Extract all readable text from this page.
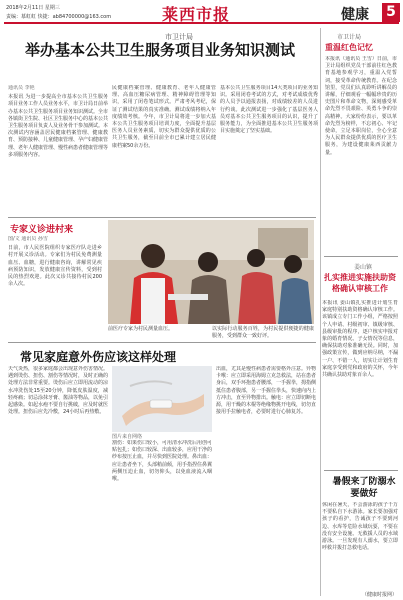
2018年2月11日 星期三
责编：慕虹虹 快捷：ab84700000@163.com	莱西市报	健康 5
市卫计局
举办基本公共卫生服务项目业务知识测试
通讯员 李艳
本报讯 为进一步提高全市基本公共卫生服务项目业务工作人员业务水平，市卫计局日前举办基本公共卫生服务项目业务知识测试。全市各镇街卫生院、社区卫生服务中心的基本公共卫生服务项目负责人及业务骨干参加测试。本次测试内容涵盖居民健康档案管理、健康教育、预防接种、儿童健康管理、孕产妇健康管理、老年人健康管理、慢性病患者健康管理等多项服务内容。
民健康档案管理、健康教育、老年人健康管理、高血压糖尿病管理、精神障碍管理等知识，采用了闭卷笔试形式。严肃考风考纪，保证了测试结果的真实准确。测试成绩将纳入年度绩效考核。今年，市卫计局将进一步加大基本公共卫生服务项目培训力度，全面提升基层医务人员业务素质，切实为群众提供优质的公共卫生服务，截至目前全市已累计建立居民健康档案50余万份。
基本公共卫生服务项目14大类项目的业务知识。采用闭卷考试的方式，对考试成绩优秀的人员予以通报表扬，对成绩较差的人员进行约谈。此次测试进一步强化了基层医务人员对基本公共卫生服务项目的认识，提升了服务能力，为全面推进基本公共卫生服务项目实施奠定了坚实基础。
市卫计局
重温红色记忆
本报讯（通讯员 王雪）日前，市卫计局组织党员干部前往红色教育基地参观学习，重温入党誓词，接受革命传统教育。在纪念馆里，党员们认真聆听讲解员的讲解，仔细观看一幅幅珍贵的历史图片和革命文物，深刻感受革命先烈不畏艰险、英勇斗争的崇高精神。大家纷纷表示，要以革命先烈为榜样，不忘初心、牢记使命，立足本职岗位，全心全意为人民群众提供优质的医疗卫生服务，为建设健康莱西贡献力量。
姜山镇
扎实推进实施扶助资格确认审核工作
本报讯 姜山镇扎实推进计划生育家庭特别扶助资格确认审核工作。该镇成立专门工作小组，严格按照个人申请、村级初审、镇级审核、县级审批的程序，逐户核实申报对象的婚育情况、子女情况等信息，确保扶助对象准确无误。同时，加强政策宣传，做到应纳尽纳，不漏一户、不错一人，切实让计划生育家庭享受到党和政府的关怀，今年共确认扶助对象百余人。
专家义诊进村来
图/文 通讯员 孙雪
日前，市人民医院组织专家医疗队走进乡村开展义诊活动。专家们为村民免费测量血压、血糖，进行健康咨询，讲解常见疾病预防知识，发放健康宣传资料，受到村民的热烈欢迎。此次义诊共接待村民200余人次。
前医疗专家为村民测量血压。	以实际行动服务百姓，为村民提供便捷的健康服务，受到群众一致好评。
常见家庭意外伤应该这样处理
天气炎热，很多家庭都会出现意外伤害情况。遇到烫伤、扭伤、割伤等情况时，及时正确的处理方法非常重要。烫伤后应立即用流动的凉水冲洗伤处15至20分钟，降低皮肤温度，减轻疼痛；切忌涂抹牙膏、酱油等物品，以免引起感染。如起水疱不要自行挑破，应及时就医处理。扭伤后应先冷敷，24小时后再热敷。
图片来自网络
割伤：如果伤口较小，可用清水冲洗后用创可贴包扎；如伤口较深、出血较多，应用干净的纱布按压止血，并尽快到医院处理。鼻出血：应让患者坐下，头部稍前倾，用手指捏住鼻翼两侧压迫止血，切勿仰头，以免血液流入咽喉。
出血，尤其是慢性病患者需要格外注意。异物卡喉：应立即采用海姆立克急救法，站在患者身后，双手环抱患者腰部，一手握拳，拇指侧抵住患者腹部，另一手握住拳头，快速向内上方冲击，直至异物排出。触电：应立即切断电源，用干燥的木棍等绝缘物挑开电线，切勿直接用手拉触电者，必要时进行心肺复苏。
暑假来了防溺水要做好
休闲在暑天，不会游泳的孩子千万不要私自下水游泳。家长要加强对孩子的看护，告诫孩子不要到河边、水库等危险水域玩耍，不要在没有安全设施、无救援人员的水域游泳。一旦发现有人溺水，要立即呼救并拨打急救电话。
（健康时报网）
